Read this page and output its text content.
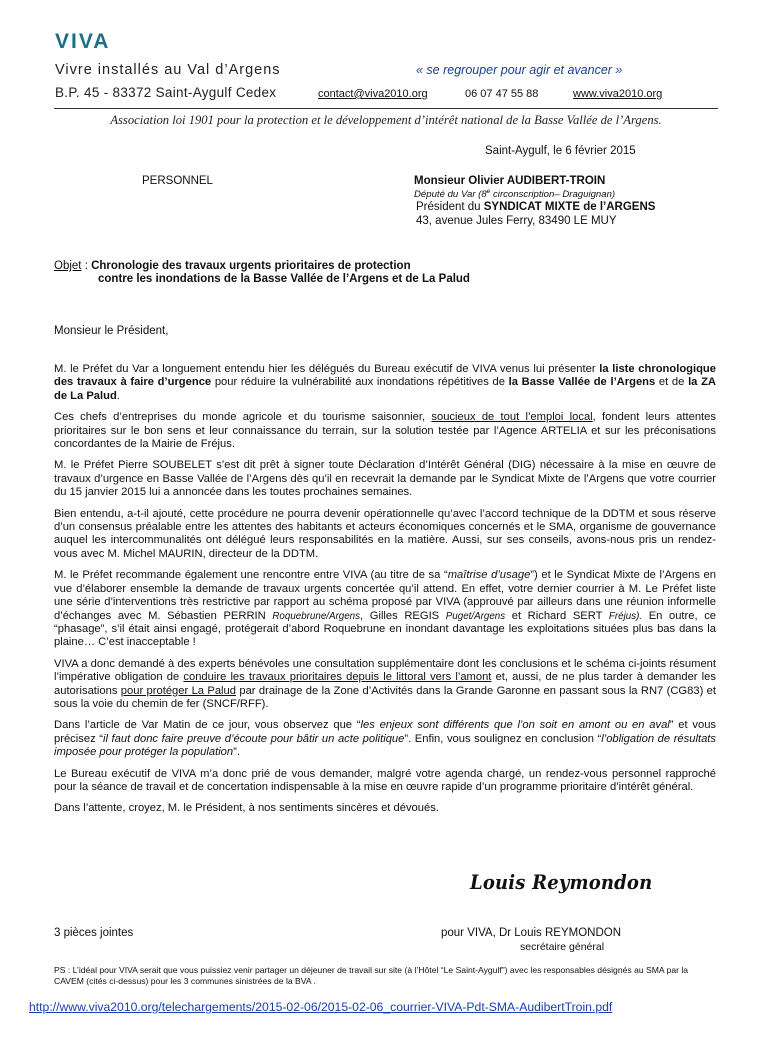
VIVA
Vivre installés au Val d’Argens	« se regrouper pour agir et avancer »
B.P. 45 - 83372 Saint-Aygulf Cedex	contact@viva2010.org	06 07 47 55 88	www.viva2010.org
Association loi 1901 pour la protection et le développement d’intérêt national de la Basse Vallée de l’Argens.
Saint-Aygulf, le 6 février 2015
PERSONNEL	Monsieur Olivier AUDIBERT-TROIN
Député du Var (8e circonscription– Draguignan)
Président du SYNDICAT MIXTE de l’ARGENS
43, avenue Jules Ferry, 83490 LE MUY
Objet : Chronologie des travaux urgents prioritaires de protection
contre les inondations de la Basse Vallée de l’Argens et de La Palud
Monsieur le Président,

M. le Préfet du Var a longuement entendu hier les délégués du Bureau exécutif de VIVA venus lui présenter la liste chronologique des travaux à faire d’urgence pour réduire la vulnérabilité aux inondations répétitives de la Basse Vallée de l’Argens et de la ZA de La Palud.

Ces chefs d’entreprises du monde agricole et du tourisme saisonnier, soucieux de tout l’emploi local, fondent leurs attentes prioritaires sur le bon sens et leur connaissance du terrain, sur la solution testée par l’Agence ARTELIA et sur les préconisations concordantes de la Mairie de Fréjus.

M. le Préfet Pierre SOUBELET s’est dit prêt à signer toute Déclaration d’Intérêt Général (DIG) nécessaire à la mise en œuvre de travaux d’urgence en Basse Vallée de l’Argens dès qu’il en recevrait la demande par le Syndicat Mixte de l’Argens que votre courrier du 15 janvier 2015 lui a annoncée dans les toutes prochaines semaines.

Bien entendu, a-t-il ajouté, cette procédure ne pourra devenir opérationnelle qu’avec l’accord technique de la DDTM et sous réserve d’un consensus préalable entre les attentes des habitants et acteurs économiques concernés et le SMA, organisme de gouvernance auquel les intercommunalités ont délégué leurs responsabilités en la matière. Aussi, sur ses conseils, avons-nous pris un rendez-vous avec M. Michel MAURIN, directeur de la DDTM.

M. le Préfet recommande également une rencontre entre VIVA (au titre de sa “maîtrise d’usage”) et le Syndicat Mixte de l’Argens en vue d’élaborer ensemble la demande de travaux urgents concertée qu’il attend. En effet, votre dernier courrier à M. Le Préfet liste une série d’interventions très restrictive par rapport au schéma proposé par VIVA (approuvé par ailleurs dans une réunion informelle d’échanges avec M. Sébastien PERRIN Roquebrune/Argens, Gilles REGIS Puget/Argens et Richard SERT Fréjus). En outre, ce “phasage”, s’il était ainsi engagé, protégerait d’abord Roquebrune en inondant davantage les exploitations situées plus bas dans la plaine… C’est inacceptable !

VIVA a donc demandé à des experts bénévoles une consultation supplémentaire dont les conclusions et le schéma ci-joints résument l’impérative obligation de conduire les travaux prioritaires depuis le littoral vers l’amont et, aussi, de ne plus tarder à demander les autorisations pour protéger La Palud par drainage de la Zone d’Activités dans la Grande Garonne en passant sous la RN7 (CG83) et sous la voie du chemin de fer (SNCF/RFF).

Dans l’article de Var Matin de ce jour, vous observez que “les enjeux sont différents que l’on soit en amont ou en aval” et vous précisez “il faut donc faire preuve d’écoute pour bâtir un acte politique”. Enfin, vous soulignez en conclusion “l’obligation de résultats imposée pour protéger la population”.

Le Bureau exécutif de VIVA m’a donc prié de vous demander, malgré votre agenda chargé, un rendez-vous personnel rapproché pour la séance de travail et de concertation indispensable à la mise en œuvre rapide d’un programme prioritaire d’intérêt général.

Dans l’attente, croyez, M. le Président, à nos sentiments sincères et dévoués.

Louis Reymondon
3 pièces jointes	pour VIVA, Dr Louis REYMONDON
secrétaire général
PS : L’idéal pour VIVA serait que vous puissiez venir partager un déjeuner de travail sur site (à l’Hôtel “Le Saint-Aygulf”) avec les responsables désignés au SMA par la CAVEM (cités ci-dessus) pour les 3 communes sinistrées de la BVA .
http://www.viva2010.org/telechargements/2015-02-06/2015-02-06_courrier-VIVA-Pdt-SMA-AudibertTroin.pdf
